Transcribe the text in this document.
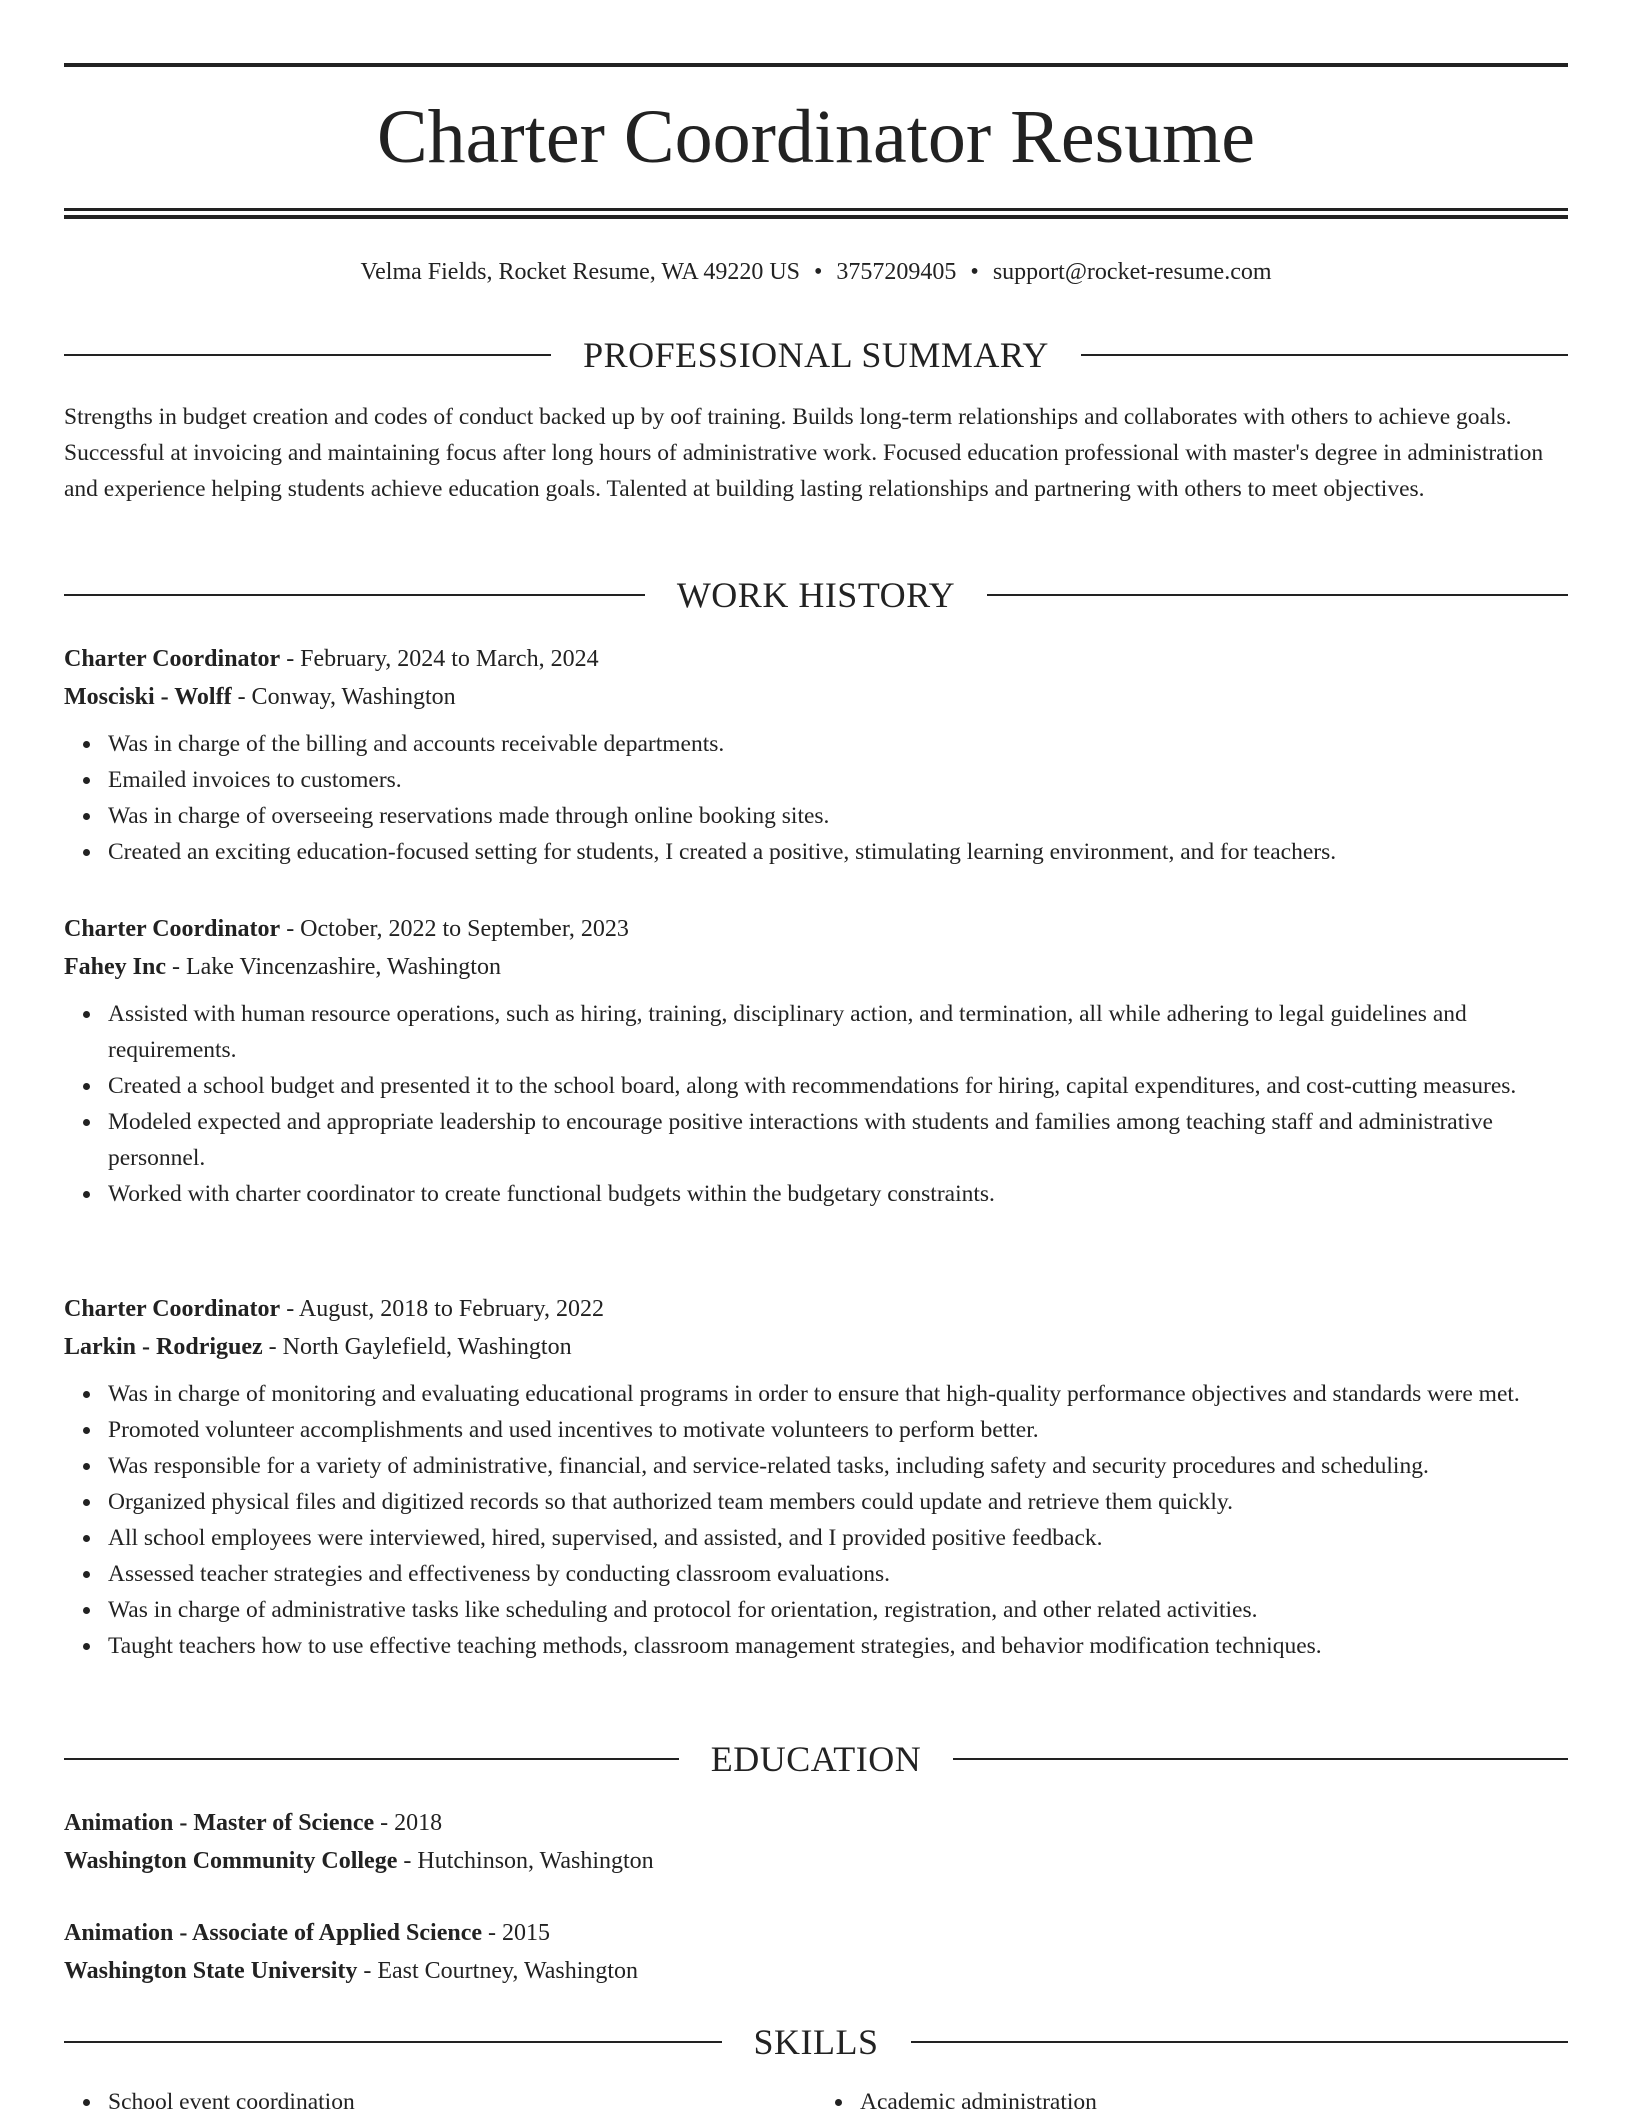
Charter Coordinator Resume
Velma Fields, Rocket Resume, WA 49220 US • 3757209405 • support@rocket-resume.com
PROFESSIONAL SUMMARY
Strengths in budget creation and codes of conduct backed up by oof training. Builds long-term relationships and collaborates with others to achieve goals. Successful at invoicing and maintaining focus after long hours of administrative work. Focused education professional with master's degree in administration and experience helping students achieve education goals. Talented at building lasting relationships and partnering with others to meet objectives.
WORK HISTORY
Charter Coordinator - February, 2024 to March, 2024
Mosciski - Wolff - Conway, Washington
Was in charge of the billing and accounts receivable departments.
Emailed invoices to customers.
Was in charge of overseeing reservations made through online booking sites.
Created an exciting education-focused setting for students, I created a positive, stimulating learning environment, and for teachers.
Charter Coordinator - October, 2022 to September, 2023
Fahey Inc - Lake Vincenzashire, Washington
Assisted with human resource operations, such as hiring, training, disciplinary action, and termination, all while adhering to legal guidelines and requirements.
Created a school budget and presented it to the school board, along with recommendations for hiring, capital expenditures, and cost-cutting measures.
Modeled expected and appropriate leadership to encourage positive interactions with students and families among teaching staff and administrative personnel.
Worked with charter coordinator to create functional budgets within the budgetary constraints.
Charter Coordinator - August, 2018 to February, 2022
Larkin - Rodriguez - North Gaylefield, Washington
Was in charge of monitoring and evaluating educational programs in order to ensure that high-quality performance objectives and standards were met.
Promoted volunteer accomplishments and used incentives to motivate volunteers to perform better.
Was responsible for a variety of administrative, financial, and service-related tasks, including safety and security procedures and scheduling.
Organized physical files and digitized records so that authorized team members could update and retrieve them quickly.
All school employees were interviewed, hired, supervised, and assisted, and I provided positive feedback.
Assessed teacher strategies and effectiveness by conducting classroom evaluations.
Was in charge of administrative tasks like scheduling and protocol for orientation, registration, and other related activities.
Taught teachers how to use effective teaching methods, classroom management strategies, and behavior modification techniques.
EDUCATION
Animation - Master of Science - 2018
Washington Community College - Hutchinson, Washington
Animation - Associate of Applied Science - 2015
Washington State University - East Courtney, Washington
SKILLS
School event coordination	Academic administration
